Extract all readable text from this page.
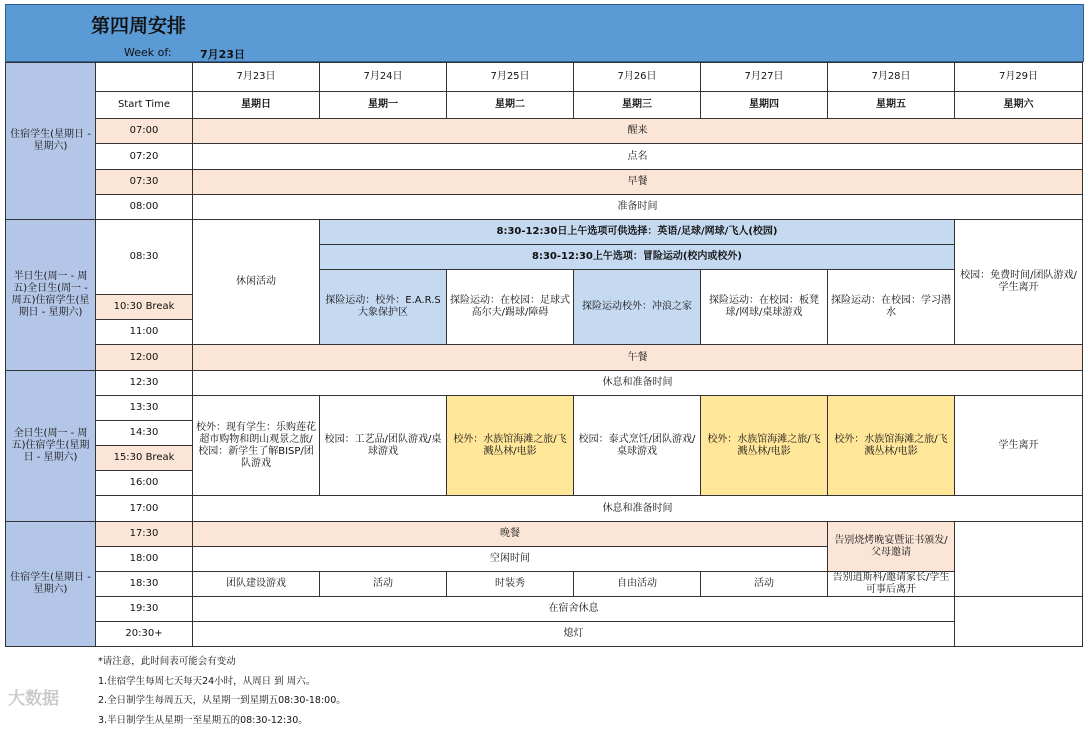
第四周安排
Week of:	7月23日
住宿学生(星期日 - 星期六)		7月23日	7月24日	7月25日	7月26日	7月27日	7月28日	7月29日
	Start Time	星期日	星期一	星期二	星期三	星期四	星期五	星期六
	07:00	醒来						
	07:20	点名						
	07:30	早餐						
	08:00	准备时间						
半日生(周一 - 周五)全日生(周一 - 周五)住宿学生(星期日 - 星期六)	08:30	休闲活动	8:30-12:30日上午选项可供选择：英语/足球/网球/飞人(校园)					校园：免费时间/团队游戏/学生离开
			8:30-12:30上午选项：冒险运动(校内或校外)					
			探险运动：校外：E.A.R.S 大象保护区	探险运动：在校园：足球式高尔夫/踢球/障碍	探险运动校外：冲浪之家	探险运动：在校园：板凳球/网球/桌球游戏	探险运动：在校园：学习潜水	
	10:30 Break							
	11:00							
	12:00	午餐						
全日生(周一 - 周五)住宿学生(星期日 - 星期六)	12:30	休息和准备时间						
	13:30	校外：现有学生：乐购莲花超市购物和朗山观景之旅/校园：新学生了解BISP/团队游戏	校园：工艺品/团队游戏/桌球游戏	校外：水族馆海滩之旅/飞溅丛林/电影	校园：泰式烹饪/团队游戏/桌球游戏	校外：水族馆海滩之旅/飞溅丛林/电影	校外：水族馆海滩之旅/飞溅丛林/电影	学生离开
	14:30							
	15:30 Break							
	16:00							
	17:00	休息和准备时间						
住宿学生(星期日 - 星期六)	17:30	晚餐					告别烧烤晚宴暨证书颁发/父母邀请	
	18:00	空闲时间						
	18:30	团队建设游戏	活动	时装秀	自由活动	活动	告别逍斯科/邀请家长/学生可事后离开	
	19:30	在宿舍休息						
	20:30+	熄灯						
*请注意，此时间表可能会有变动
1.住宿学生每周七天每天24小时，从周日 到 周六。
2.全日制学生每周五天，从星期一到星期五08:30-18:00。
3.半日制学生从星期一至星期五的08:30-12:30。
大数据
